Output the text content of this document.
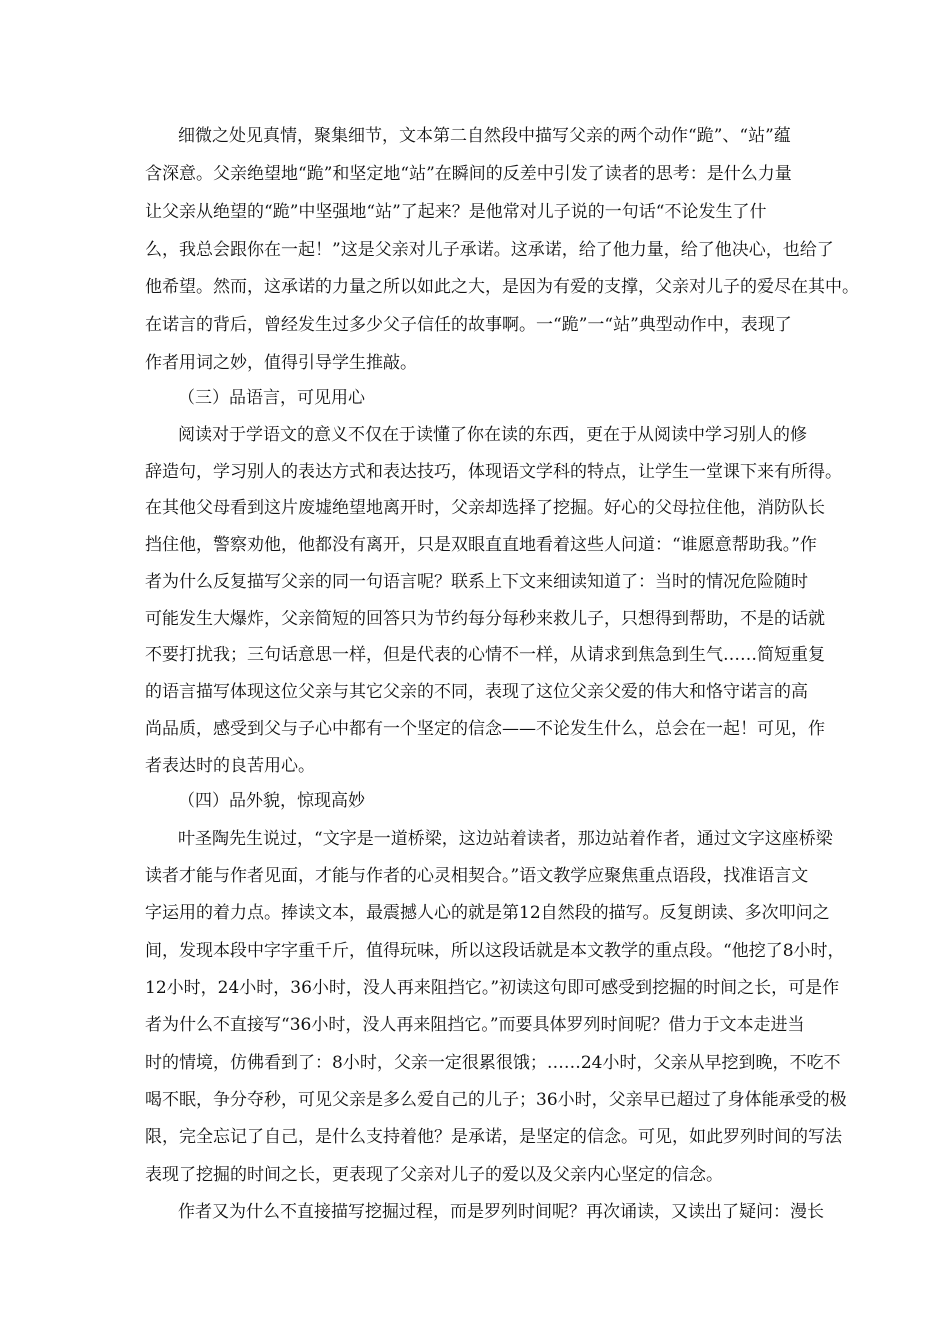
细微之处见真情，聚集细节，文本第二自然段中描写父亲的两个动作“跪”、“站”蕴

含深意。父亲绝望地“跪”和坚定地“站”在瞬间的反差中引发了读者的思考：是什么力量

让父亲从绝望的“跪”中坚强地“站”了起来？是他常对儿子说的一句话“不论发生了什

么，我总会跟你在一起！”这是父亲对儿子承诺。这承诺，给了他力量，给了他决心，也给了

他希望。然而，这承诺的力量之所以如此之大，是因为有爱的支撑，父亲对儿子的爱尽在其中。

在诺言的背后，曾经发生过多少父子信任的故事啊。一“跪”一“站”典型动作中，表现了

作者用词之妙，值得引导学生推敲。

（三）品语言，可见用心

阅读对于学语文的意义不仅在于读懂了你在读的东西，更在于从阅读中学习别人的修

辞造句，学习别人的表达方式和表达技巧，体现语文学科的特点，让学生一堂课下来有所得。

在其他父母看到这片废墟绝望地离开时，父亲却选择了挖掘。好心的父母拉住他，消防队长

挡住他，警察劝他，他都没有离开，只是双眼直直地看着这些人问道：“谁愿意帮助我。”作

者为什么反复描写父亲的同一句语言呢？联系上下文来细读知道了：当时的情况危险随时

可能发生大爆炸，父亲简短的回答只为节约每分每秒来救儿子，只想得到帮助，不是的话就

不要打扰我；三句话意思一样，但是代表的心情不一样，从请求到焦急到生气……简短重复

的语言描写体现这位父亲与其它父亲的不同，表现了这位父亲父爱的伟大和恪守诺言的高

尚品质，感受到父与子心中都有一个坚定的信念——不论发生什么，总会在一起！可见，作

者表达时的良苦用心。

（四）品外貌，惊现高妙

叶圣陶先生说过，“文字是一道桥梁，这边站着读者，那边站着作者，通过文字这座桥梁

读者才能与作者见面，才能与作者的心灵相契合。”语文教学应聚焦重点语段，找准语言文

字运用的着力点。捧读文本，最震撼人心的就是第12自然段的描写。反复朗读、多次叩问之

间，发现本段中字字重千斤，值得玩味，所以这段话就是本文教学的重点段。“他挖了8小时，

12小时，24小时，36小时，没人再来阻挡它。”初读这句即可感受到挖掘的时间之长，可是作

者为什么不直接写“36小时，没人再来阻挡它。”而要具体罗列时间呢？借力于文本走进当

时的情境，仿佛看到了：8小时，父亲一定很累很饿；……24小时，父亲从早挖到晚，不吃不

喝不眠，争分夺秒，可见父亲是多么爱自己的儿子；36小时，父亲早已超过了身体能承受的极

限，完全忘记了自己，是什么支持着他？是承诺，是坚定的信念。可见，如此罗列时间的写法

表现了挖掘的时间之长，更表现了父亲对儿子的爱以及父亲内心坚定的信念。

作者又为什么不直接描写挖掘过程，而是罗列时间呢？再次诵读，又读出了疑问：漫长
